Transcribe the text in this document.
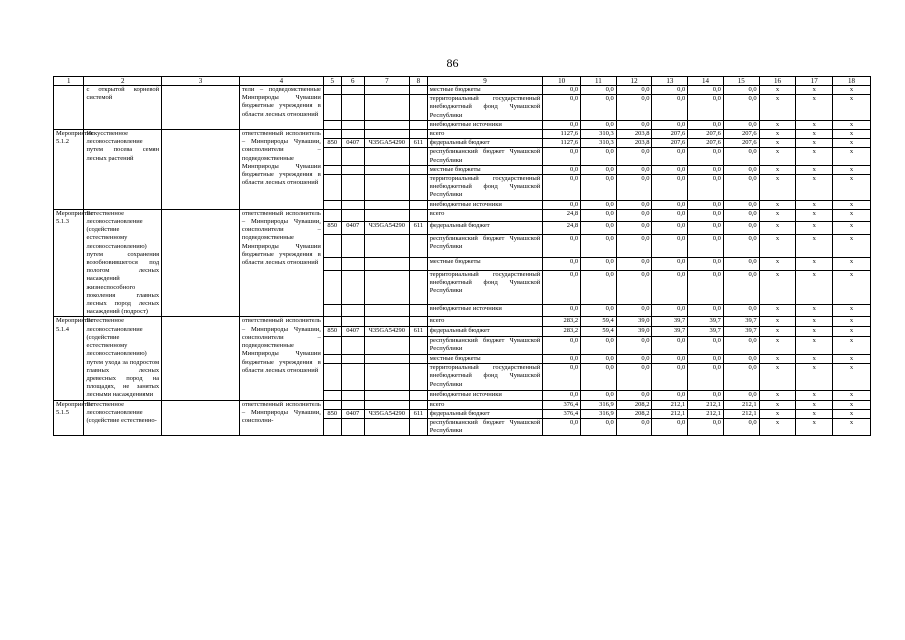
86
1	2	3	4	5	6	7	8	9	10	11	12	13	14	15	16	17	18
	с открытой корневой системой		тели – подведомственные Минприроды Чувашии бюджетные учреждения в области лесных отношений					местные бюджеты	0,0	0,0	0,0	0,0	0,0	0,0	x	x	x
								территориальный государственный внебюджетный фонд Чувашской Республики	0,0	0,0	0,0	0,0	0,0	0,0	x	x	x
								внебюджетные источники	0,0	0,0	0,0	0,0	0,0	0,0	x	x	x
Мероприятие 5.1.2	Искусственное лесовосстановление путем посева семян лесных растений		ответственный исполнитель – Минприроды Чувашии, соисполнители – подведомственные Минприроды Чувашии бюджетные учреждения в области лесных отношений					всего	1127,6	310,3	203,8	207,6	207,6	207,6	x	x	x
				850	0407	Ч35GA54290	611	федеральный бюджет	1127,6	310,3	203,8	207,6	207,6	207,6	x	x	x
								республиканский бюджет Чувашской Республики	0,0	0,0	0,0	0,0	0,0	0,0	x	x	x
								местные бюджеты	0,0	0,0	0,0	0,0	0,0	0,0	x	x	x
								территориальный государственный внебюджетный фонд Чувашской Республики	0,0	0,0	0,0	0,0	0,0	0,0	x	x	x
								внебюджетные источники	0,0	0,0	0,0	0,0	0,0	0,0	x	x	x
Мероприятие 5.1.3	Естественное лесовосстановление (содействие естественному лесовосстановлению) путем сохранения возобновившегося под пологом лесных насаждений жизнеспособного поколения главных лесных пород лесных насаждений (подрост)		ответственный исполнитель – Минприроды Чувашии, соисполнители – подведомственные Минприроды Чувашии бюджетные учреждения в области лесных отношений					всего	24,8	0,0	0,0	0,0	0,0	0,0	x	x	x
				850	0407	Ч35GA54290	611	федеральный бюджет	24,8	0,0	0,0	0,0	0,0	0,0	x	x	x
								республиканский бюджет Чувашской Республики	0,0	0,0	0,0	0,0	0,0	0,0	x	x	x
								местные бюджеты	0,0	0,0	0,0	0,0	0,0	0,0	x	x	x
								территориальный государственный внебюджетный фонд Чувашской Республики	0,0	0,0	0,0	0,0	0,0	0,0	x	x	x
								внебюджетные источники	0,0	0,0	0,0	0,0	0,0	0,0	x	x	x
Мероприятие 5.1.4	Естественное лесовосстановление (содействие естественному лесовосстановлению) путем ухода за подростом главных лесных древесных пород на площадях, не занятых лесными насаждениями		ответственный исполнитель – Минприроды Чувашии, соисполнители – подведомственные Минприроды Чувашии бюджетные учреждения в области лесных отношений					всего	283,2	59,4	39,0	39,7	39,7	39,7	x	x	x
				850	0407	Ч35GA54290	611	федеральный бюджет	283,2	59,4	39,0	39,7	39,7	39,7	x	x	x
								республиканский бюджет Чувашской Республики	0,0	0,0	0,0	0,0	0,0	0,0	x	x	x
								местные бюджеты	0,0	0,0	0,0	0,0	0,0	0,0	x	x	x
								территориальный государственный внебюджетный фонд Чувашской Республики	0,0	0,0	0,0	0,0	0,0	0,0	x	x	x
								внебюджетные источники	0,0	0,0	0,0	0,0	0,0	0,0	x	x	x
Мероприятие 5.1.5	Естественное лесовосстановление (содействие естественно-		ответственный исполнитель – Минприроды Чувашии, соисполни-					всего	376,4	316,9	208,2	212,1	212,1	212,1	x	x	x
				850	0407	Ч35GA54290	611	федеральный бюджет	376,4	316,9	208,2	212,1	212,1	212,1	x	x	x
								республиканский бюджет Чувашской Республики	0,0	0,0	0,0	0,0	0,0	0,0	x	x	x
